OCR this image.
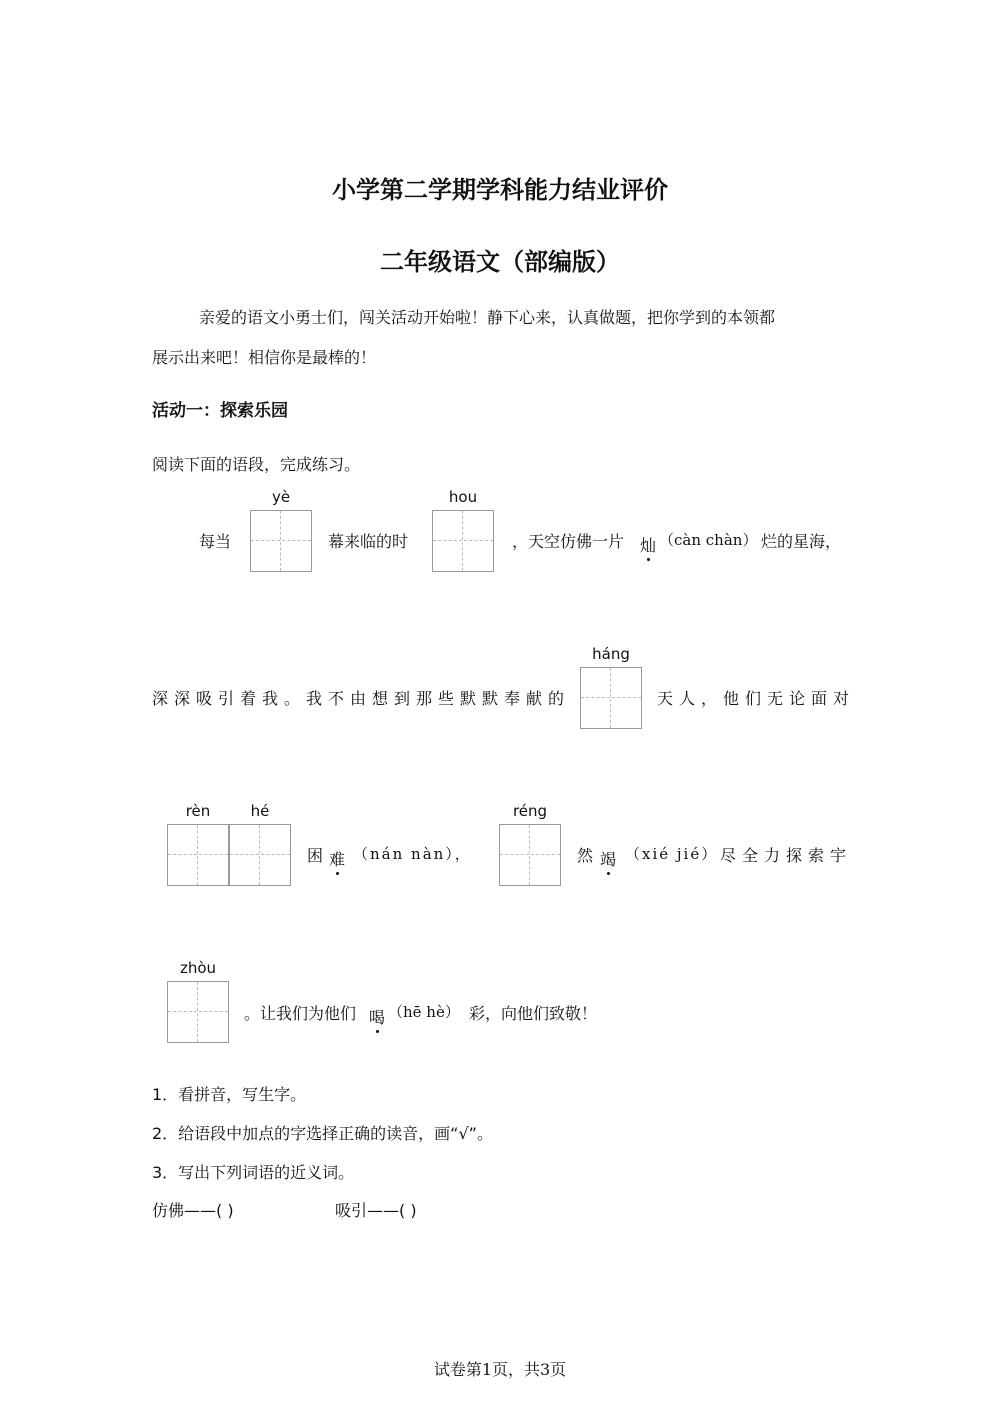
小学第二学期学科能力结业评价
二年级语文（部编版）
亲爱的语文小勇士们，闯关活动开始啦！静下心来，认真做题，把你学到的本领都
展示出来吧！相信你是最棒的！
活动一：探索乐园
阅读下面的语段，完成练习。
每当
yè
幕来临的时
hou
，天空仿佛一片 灿 （càn chàn） 烂的星海，
深深吸引着我。我不由想到那些默默奉献的
háng
天人，他们无论面对
rèn	hé
困 难 （nán nàn），
réng
然 竭 （xié jié） 尽全力探索宇
zhòu
。让我们为他们 喝 （hē hè） 彩，向他们致敬！
1．看拼音，写生字。
2．给语段中加点的字选择正确的读音，画“√”。
3．写出下列词语的近义词。
仿佛——( )	吸引——( )
试卷第1页，共3页
